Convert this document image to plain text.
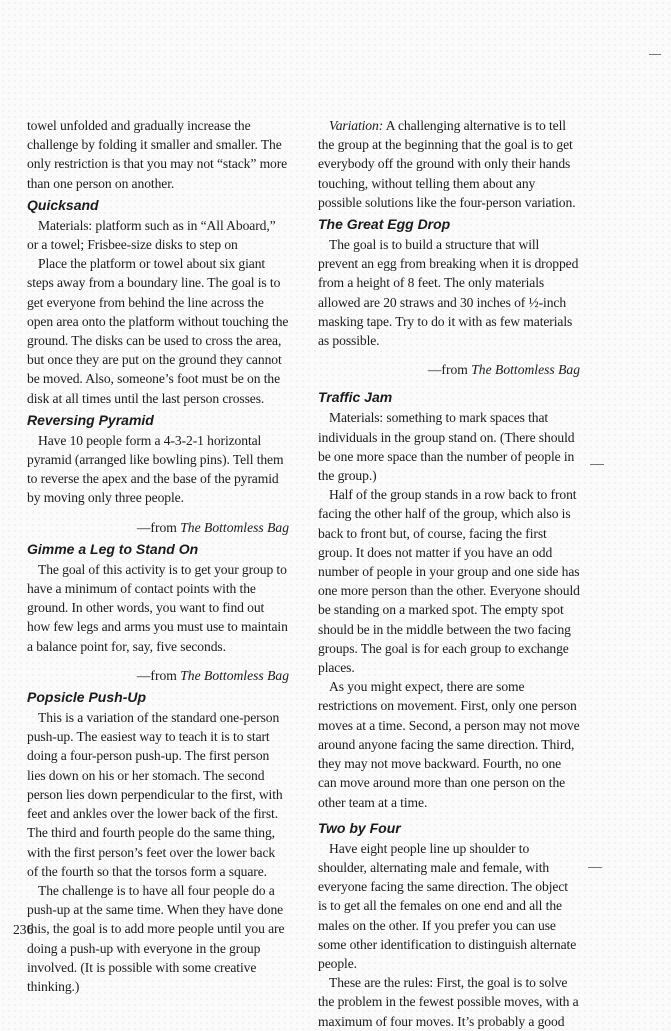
towel unfolded and gradually increase the challenge by folding it smaller and smaller. The only restriction is that you may not “stack” more than one person on another.

Quicksand

Materials: platform such as in “All Aboard,” or a towel; Frisbee-size disks to step on

Place the platform or towel about six giant steps away from a boundary line. The goal is to get everyone from behind the line across the open area onto the platform without touching the ground. The disks can be used to cross the area, but once they are put on the ground they cannot be moved. Also, someone’s foot must be on the disk at all times until the last person crosses.

Reversing Pyramid

Have 10 people form a 4-3-2-1 horizontal pyramid (arranged like bowling pins). Tell them to reverse the apex and the base of the pyramid by moving only three people.

—from The Bottomless Bag

Gimme a Leg to Stand On

The goal of this activity is to get your group to have a minimum of contact points with the ground. In other words, you want to find out how few legs and arms you must use to maintain a balance point for, say, five seconds.

—from The Bottomless Bag

Popsicle Push-Up

This is a variation of the standard one-person push-up. The easiest way to teach it is to start doing a four-person push-up. The first person lies down on his or her stomach. The second person lies down perpendicular to the first, with feet and ankles over the lower back of the first. The third and fourth people do the same thing, with the first person’s feet over the lower back of the fourth so that the torsos form a square.

The challenge is to have all four people do a push-up at the same time. When they have done this, the goal is to add more people until you are doing a push-up with everyone in the group involved. (It is possible with some creative thinking.)

Variation: A challenging alternative is to tell the group at the beginning that the goal is to get everybody off the ground with only their hands touching, without telling them about any possible solutions like the four-person variation.

The Great Egg Drop

The goal is to build a structure that will prevent an egg from breaking when it is dropped from a height of 8 feet. The only materials allowed are 20 straws and 30 inches of ½-inch masking tape. Try to do it with as few materials as possible.

—from The Bottomless Bag

Traffic Jam

Materials: something to mark spaces that individuals in the group stand on. (There should be one more space than the number of people in the group.)

Half of the group stands in a row back to front facing the other half of the group, which also is back to front but, of course, facing the first group. It does not matter if you have an odd number of people in your group and one side has one more person than the other. Everyone should be standing on a marked spot. The empty spot should be in the middle between the two facing groups. The goal is for each group to exchange places.

As you might expect, there are some restrictions on movement. First, only one person moves at a time. Second, a person may not move around anyone facing the same direction. Third, they may not move backward. Fourth, no one can move around more than one person on the other team at a time.

Two by Four

Have eight people line up shoulder to shoulder, alternating male and female, with everyone facing the same direction. The object is to get all the females on one end and all the males on the other. If you prefer you can use some other identification to distinguish alternate people.

These are the rules: First, the goal is to solve the problem in the fewest possible moves, with a maximum of four moves. It’s probably a good

236
